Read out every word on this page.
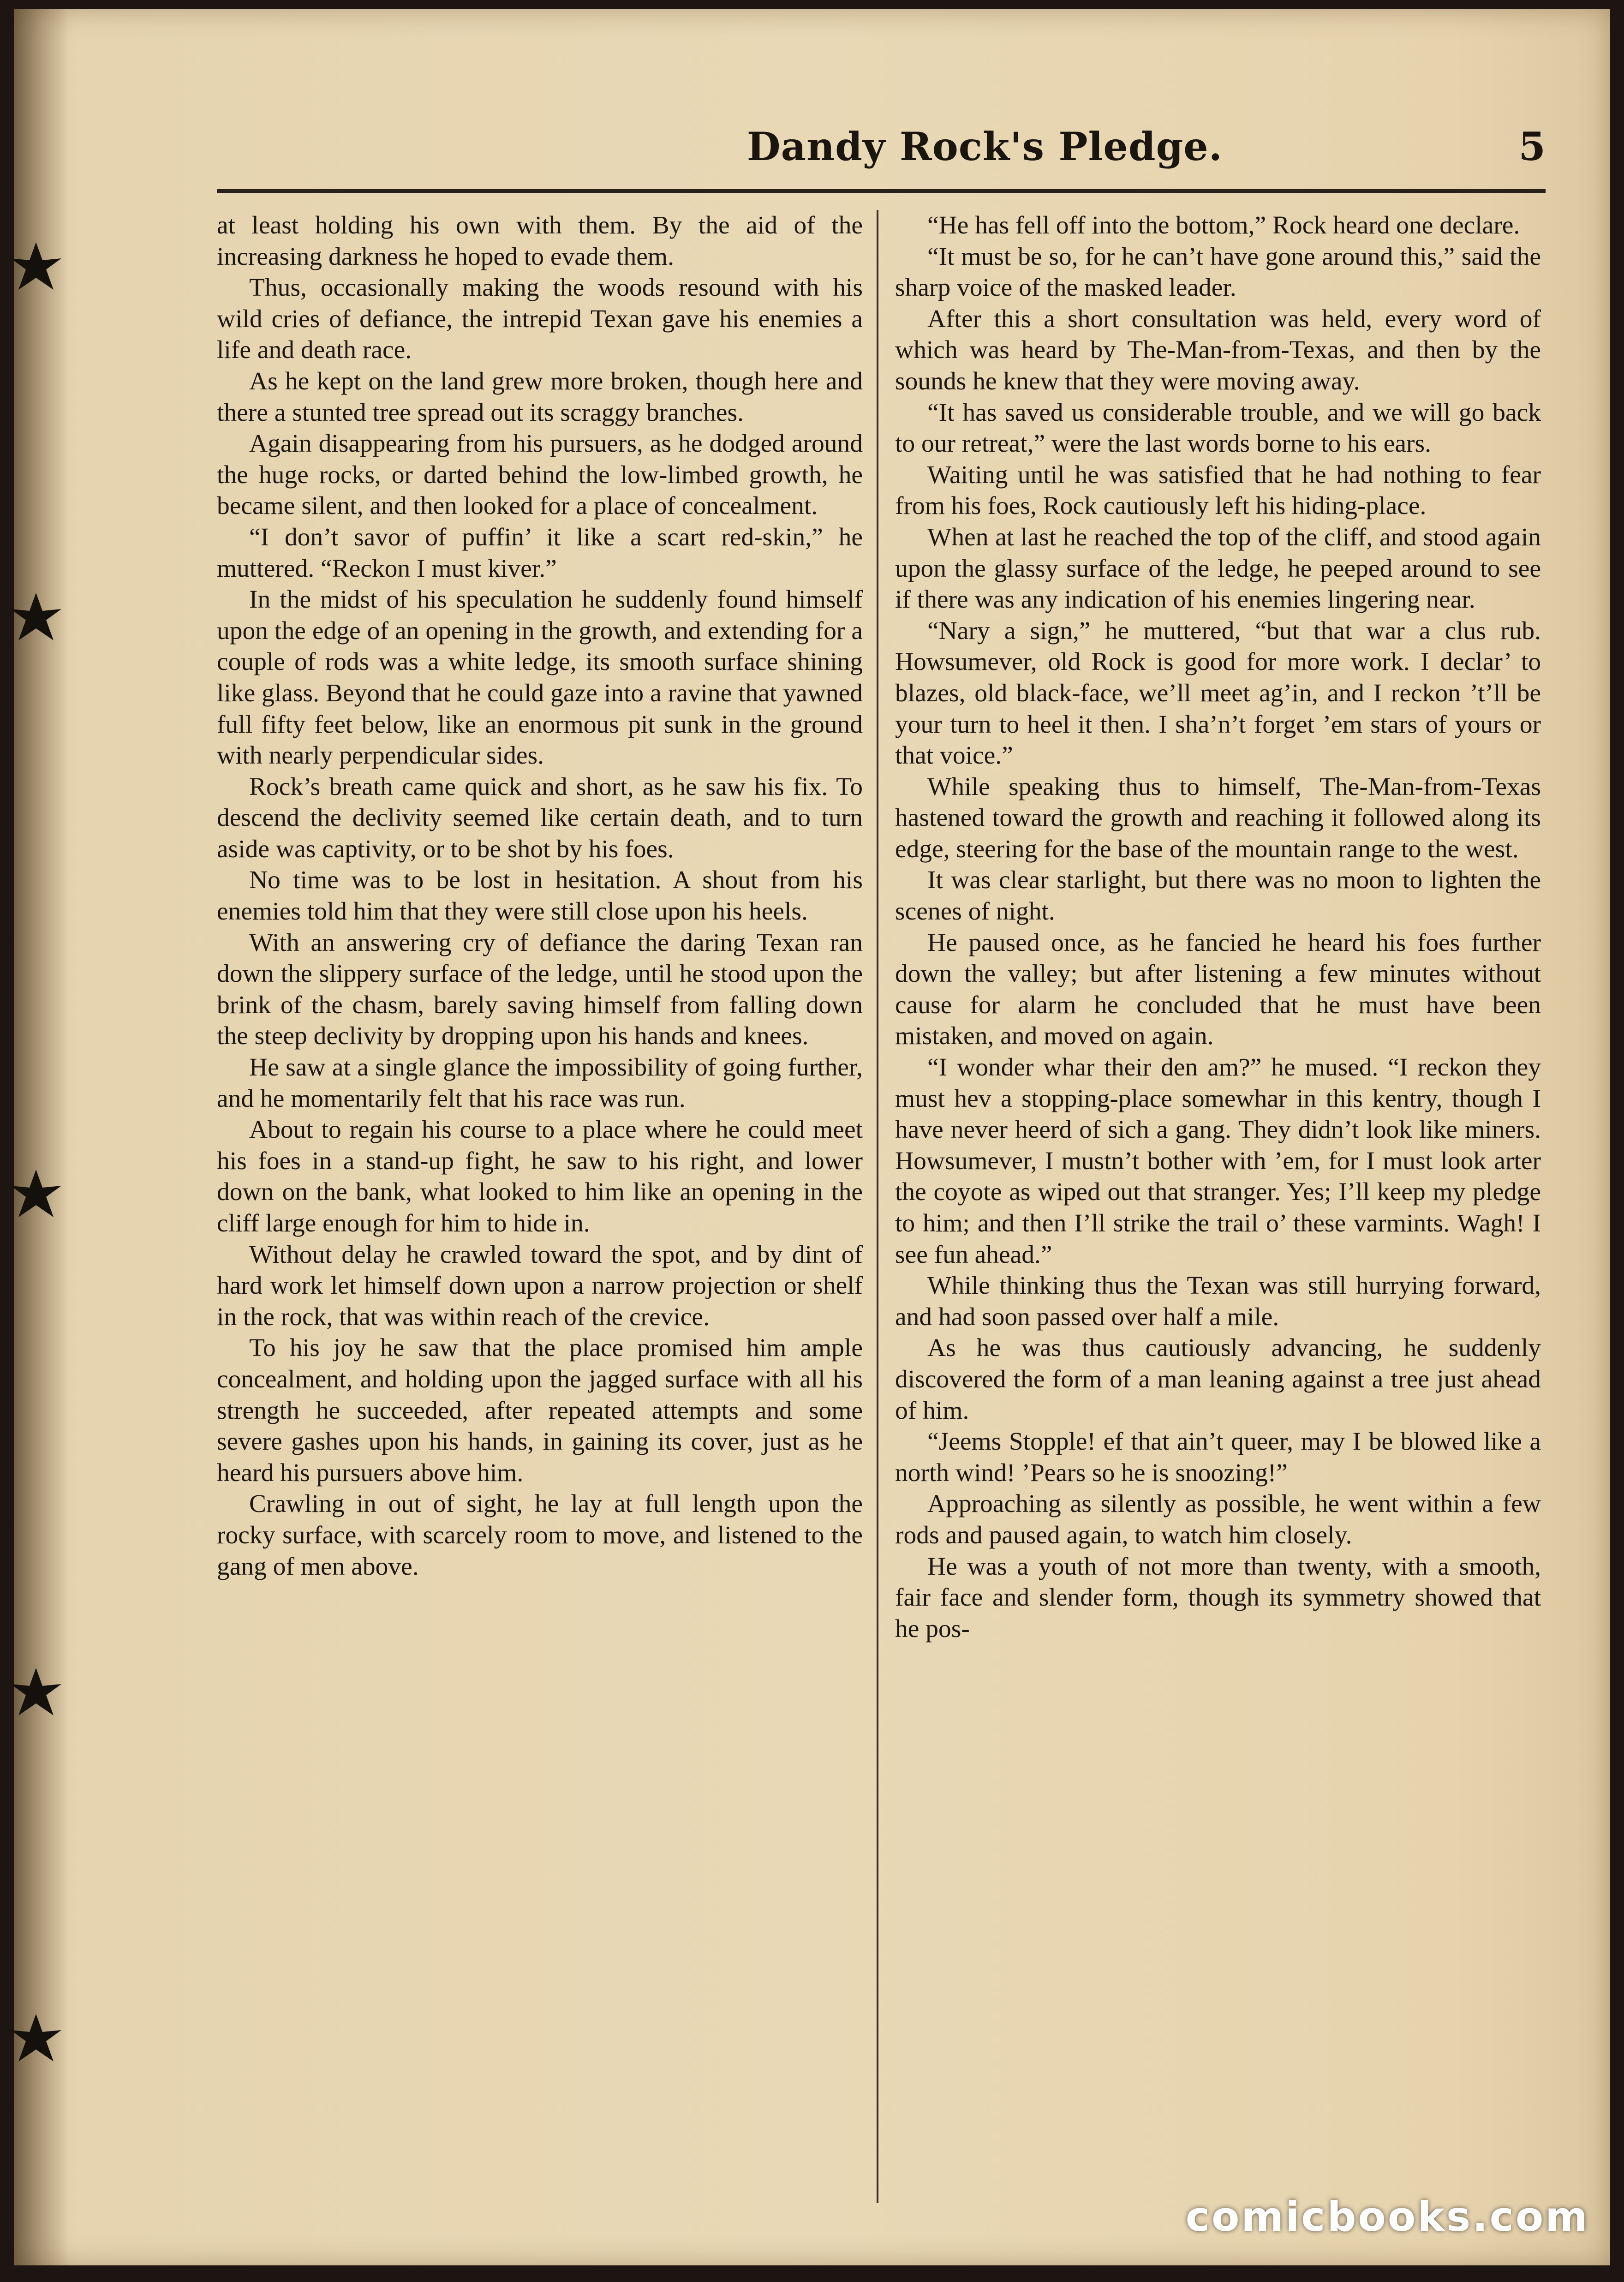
Dandy Rock's Pledge.	5

at least holding his own with them. By the aid of the increasing darkness he hoped to evade them.

Thus, occasionally making the woods resound with his wild cries of defiance, the intrepid Texan gave his enemies a life and death race.

As he kept on the land grew more broken, though here and there a stunted tree spread out its scraggy branches.

Again disappearing from his pursuers, as he dodged around the huge rocks, or darted behind the low-limbed growth, he became silent, and then looked for a place of concealment.

“I don’t savor of puffin’ it like a scart red-skin,” he muttered. “Reckon I must kiver.”

In the midst of his speculation he suddenly found himself upon the edge of an opening in the growth, and extending for a couple of rods was a white ledge, its smooth surface shining like glass. Beyond that he could gaze into a ravine that yawned full fifty feet below, like an enormous pit sunk in the ground with nearly perpendicular sides.

Rock’s breath came quick and short, as he saw his fix. To descend the declivity seemed like certain death, and to turn aside was captivity, or to be shot by his foes.

No time was to be lost in hesitation. A shout from his enemies told him that they were still close upon his heels.

With an answering cry of defiance the daring Texan ran down the slippery surface of the ledge, until he stood upon the brink of the chasm, barely saving himself from falling down the steep declivity by dropping upon his hands and knees.

He saw at a single glance the impossibility of going further, and he momentarily felt that his race was run.

About to regain his course to a place where he could meet his foes in a stand-up fight, he saw to his right, and lower down on the bank, what looked to him like an opening in the cliff large enough for him to hide in.

Without delay he crawled toward the spot, and by dint of hard work let himself down upon a narrow projection or shelf in the rock, that was within reach of the crevice.

To his joy he saw that the place promised him ample concealment, and holding upon the jagged surface with all his strength he succeeded, after repeated attempts and some severe gashes upon his hands, in gaining its cover, just as he heard his pursuers above him.

Crawling in out of sight, he lay at full length upon the rocky surface, with scarcely room to move, and listened to the gang of men above.

“He has fell off into the bottom,” Rock heard one declare.

“It must be so, for he can’t have gone around this,” said the sharp voice of the masked leader.

After this a short consultation was held, every word of which was heard by The-Man-from-Texas, and then by the sounds he knew that they were moving away.

“It has saved us considerable trouble, and we will go back to our retreat,” were the last words borne to his ears.

Waiting until he was satisfied that he had nothing to fear from his foes, Rock cautiously left his hiding-place.

When at last he reached the top of the cliff, and stood again upon the glassy surface of the ledge, he peeped around to see if there was any indication of his enemies lingering near.

“Nary a sign,” he muttered, “but that war a clus rub. Howsumever, old Rock is good for more work. I declar’ to blazes, old black-face, we’ll meet ag’in, and I reckon ’t’ll be your turn to heel it then. I sha’n’t forget ’em stars of yours or that voice.”

While speaking thus to himself, The-Man-from-Texas hastened toward the growth and reaching it followed along its edge, steering for the base of the mountain range to the west.

It was clear starlight, but there was no moon to lighten the scenes of night.

He paused once, as he fancied he heard his foes further down the valley; but after listening a few minutes without cause for alarm he concluded that he must have been mistaken, and moved on again.

“I wonder whar their den am?” he mused. “I reckon they must hev a stopping-place somewhar in this kentry, though I have never heerd of sich a gang. They didn’t look like miners. Howsumever, I mustn’t bother with ’em, for I must look arter the coyote as wiped out that stranger. Yes; I’ll keep my pledge to him; and then I’ll strike the trail o’ these varmints. Wagh! I see fun ahead.”

While thinking thus the Texan was still hurrying forward, and had soon passed over half a mile.

As he was thus cautiously advancing, he suddenly discovered the form of a man leaning against a tree just ahead of him.

“Jeems Stopple! ef that ain’t queer, may I be blowed like a north wind! ’Pears so he is snoozing!”

Approaching as silently as possible, he went within a few rods and paused again, to watch him closely.

He was a youth of not more than twenty, with a smooth, fair face and slender form, though its symmetry showed that he pos-

comicbooks.com
